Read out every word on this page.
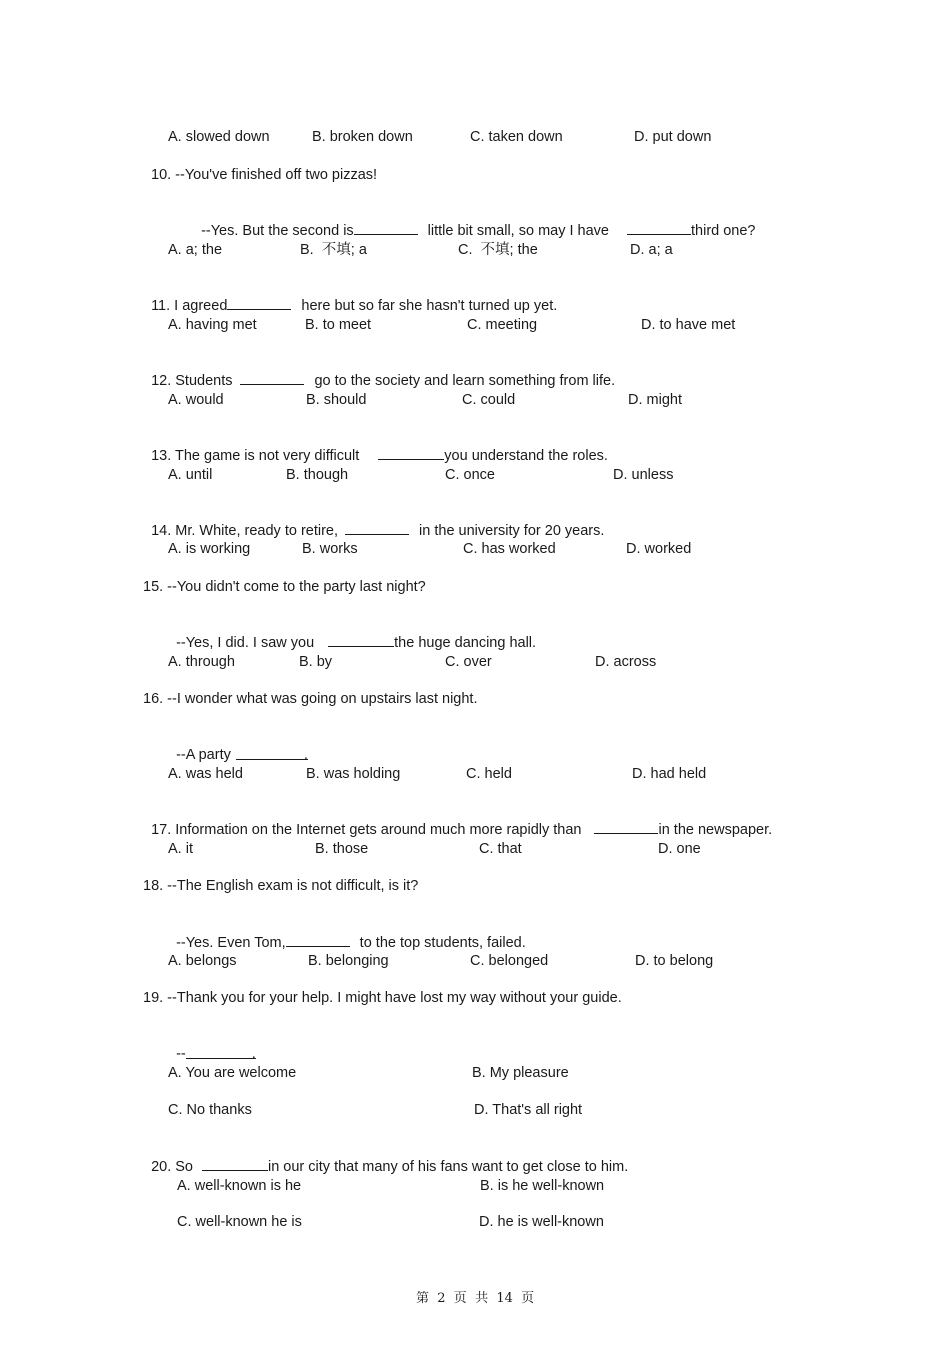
A. slowed down	B. broken down	C. taken down	D. put down
10. --You've finished off two pizzas!

--Yes. But the second is	little bit small, so may I have	third one?

A. a; the	B.  不填; a	C.  不填; the	D. a; a

11. I agreed	here but so far she hasn't turned up yet.

A. having met	B. to meet	C. meeting	D. to have met

12. Students	go to the society and learn something from life.

A. would	B. should	C. could	D. might

13. The game is not very difficult	you understand the roles.

A. until	B. though	C. once	D. unless

14. Mr. White, ready to retire,	in the university for 20 years.

A. is working	B. works	C. has worked	D. worked
15. --You didn't come to the party last night?

--Yes, I did. I saw you	the huge dancing hall.

A. through	B. by	C. over	D. across
16. --I wonder what was going on upstairs last night.

--A party	.

A. was held	B. was holding	C. held	D. had held

17. Information on the Internet gets around much more rapidly than	in the newspaper.

A. it	B. those	C. that	D. one
18. --The English exam is not difficult, is it?

--Yes. Even Tom,	to the top students, failed.

A. belongs	B. belonging	C. belonged	D. to belong
19. --Thank you for your help. I might have lost my way without your guide.

--	.

A. You are welcome	B. My pleasure
C. No thanks	D. That's all right

20. So	in our city that many of his fans want to get close to him.

A. well-known is he	B. is he well-known
C. well-known he is	D. he is well-known
第  2  页  共  14  页
